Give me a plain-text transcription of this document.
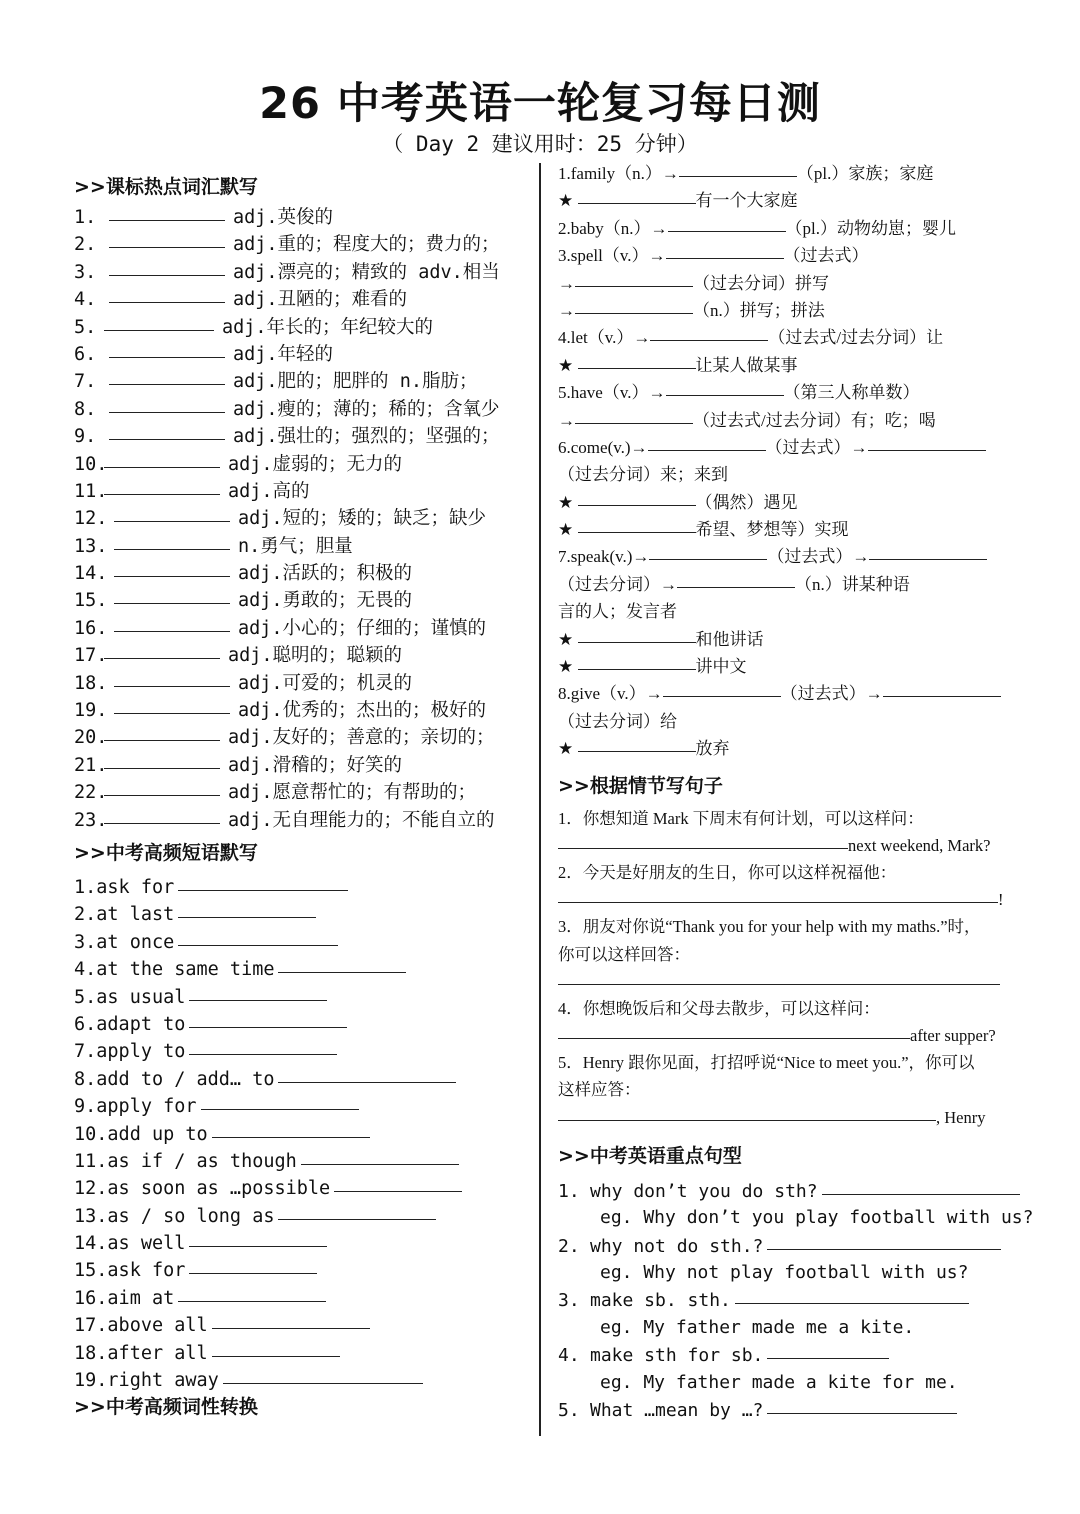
26 中考英语一轮复习每日测
（ Day 2 建议用时：25 分钟）
>>课标热点词汇默写
1.	adj.英俊的
2.	adj.重的；程度大的；费力的；
3.	adj.漂亮的；精致的 adv.相当
4.	adj.丑陋的；难看的
5.	adj.年长的；年纪较大的
6.	adj.年轻的
7.	adj.肥的；肥胖的 n.脂肪；
8.	adj.瘦的；薄的；稀的；含氧少
9.	adj.强壮的；强烈的；坚强的；
10.	adj.虚弱的；无力的
11.	adj.高的
12.	adj.短的；矮的；缺乏；缺少
13.	n.勇气；胆量
14.	adj.活跃的；积极的
15.	adj.勇敢的；无畏的
16.	adj.小心的；仔细的；谨慎的
17.	adj.聪明的；聪颖的
18.	adj.可爱的；机灵的
19.	adj.优秀的；杰出的；极好的
20.	adj.友好的；善意的；亲切的；
21.	adj.滑稽的；好笑的
22.	adj.愿意帮忙的；有帮助的；
23.	adj.无自理能力的；不能自立的
>>中考高频短语默写
1.ask for
2.at last
3.at once
4.at the same time
5.as usual
6.adapt to
7.apply to
8.add to / add… to
9.apply for
10.add up to
11.as if / as though
12.as soon as …possible
13.as / so long as
14.as well
15.ask for
16.aim at
17.above all
18.after all
19.right away
>>中考高频词性转换
1.family（n.）→	（pl.）家族；家庭
★	有一个大家庭
2.baby（n.）→	（pl.）动物幼崽；婴儿
3.spell（v.）→	（过去式）
→	（过去分词）拼写
→	（n.）拼写；拼法
4.let（v.）→	（过去式/过去分词）让
★	让某人做某事
5.have（v.）→	（第三人称单数）
→	（过去式/过去分词）有；吃；喝
6.come(v.)→	（过去式）→
（过去分词）来；来到
★	（偶然）遇见
★	希望、梦想等）实现
7.speak(v.)→	（过去式）→
（过去分词）→	（n.）讲某种语
言的人；发言者
★	和他讲话
★	讲中文
8.give（v.）→	（过去式）→
（过去分词）给
★	放弃
>>根据情节写句子
1．你想知道 Mark 下周末有何计划，可以这样问：
next weekend, Mark?
2．今天是好朋友的生日，你可以这样祝福他：
!
3．朋友对你说“Thank you for your help with my maths.”时，
你可以这样回答：
4．你想晚饭后和父母去散步，可以这样问：
after supper?
5．Henry 跟你见面，打招呼说“Nice to meet you.”，你可以
这样应答：
, Henry
>>中考英语重点句型
1. why don’t you do sth?
eg. Why don’t you play football with us?
2. why not do sth.?
eg. Why not play football with us?
3. make sb. sth.
eg. My father made me a kite.
4. make sth for sb.
eg. My father made a kite for me.
5. What …mean by …?
